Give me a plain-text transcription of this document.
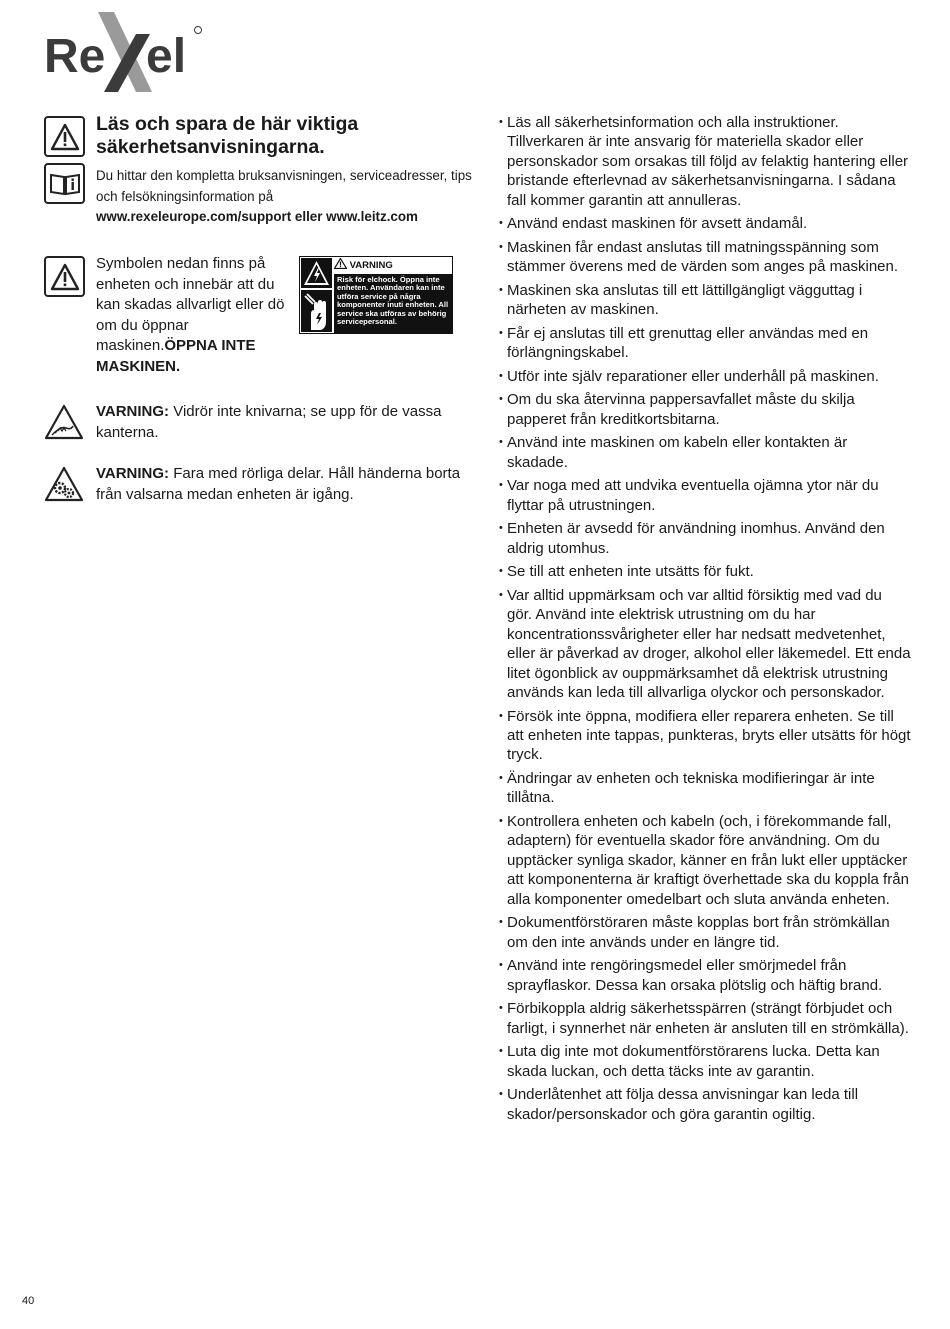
Re el
Läs och spara de här viktiga säkerhetsanvisningarna.
Du hittar den kompletta bruksanvisningen, serviceadresser, tips och felsökningsinformation på
www.rexeleurope.com/support eller www.leitz.com
Symbolen nedan finns på enheten och innebär att du kan skadas allvarligt eller dö om du öppnar maskinen.ÖPPNA INTE MASKINEN.
VARNING
Risk för elchock. Öppna inte enheten. Användaren kan inte utföra service på några komponenter inuti enheten. All service ska utföras av behörig servicepersonal.
VARNING: Vidrör inte knivarna; se upp för de vassa kanterna.
VARNING: Fara med rörliga delar. Håll händerna borta från valsarna medan enheten är igång.
• Läs all säkerhetsinformation och alla instruktioner. Tillverkaren är inte ansvarig för materiella skador eller personskador som orsakas till följd av felaktig hantering eller bristande efterlevnad av säkerhetsanvisningarna. I sådana fall kommer garantin att annulleras.
• Använd endast maskinen för avsett ändamål.
• Maskinen får endast anslutas till matningsspänning som stämmer överens med de värden som anges på maskinen.
• Maskinen ska anslutas till ett lättillgängligt vägguttag i närheten av maskinen.
• Får ej anslutas till ett grenuttag eller användas med en förlängningskabel.
• Utför inte själv reparationer eller underhåll på maskinen.
• Om du ska återvinna pappersavfallet måste du skilja papperet från kreditkortsbitarna.
• Använd inte maskinen om kabeln eller kontakten är skadade.
• Var noga med att undvika eventuella ojämna ytor när du flyttar på utrustningen.
• Enheten är avsedd för användning inomhus. Använd den aldrig utomhus.
• Se till att enheten inte utsätts för fukt.
• Var alltid uppmärksam och var alltid försiktig med vad du gör. Använd inte elektrisk utrustning om du har koncentrationssvårigheter eller har nedsatt medvetenhet, eller är påverkad av droger, alkohol eller läkemedel. Ett enda litet ögonblick av ouppmärksamhet då elektrisk utrustning används kan leda till allvarliga olyckor och personskador.
• Försök inte öppna, modifiera eller reparera enheten. Se till att enheten inte tappas, punkteras, bryts eller utsätts för högt tryck.
• Ändringar av enheten och tekniska modifieringar är inte tillåtna.
• Kontrollera enheten och kabeln (och, i förekommande fall, adaptern) för eventuella skador före användning. Om du upptäcker synliga skador, känner en från lukt eller upptäcker att komponenterna är kraftigt överhettade ska du koppla från alla komponenter omedelbart och sluta använda enheten.
• Dokumentförstöraren måste kopplas bort från strömkällan om den inte används under en längre tid.
• Använd inte rengöringsmedel eller smörjmedel från sprayflaskor. Dessa kan orsaka plötslig och häftig brand.
• Förbikoppla aldrig säkerhetsspärren (strängt förbjudet och farligt, i synnerhet när enheten är ansluten till en strömkälla).
• Luta dig inte mot dokumentförstörarens lucka. Detta kan skada luckan, och detta täcks inte av garantin.
• Underlåtenhet att följa dessa anvisningar kan leda till skador/personskador och göra garantin ogiltig.
40
